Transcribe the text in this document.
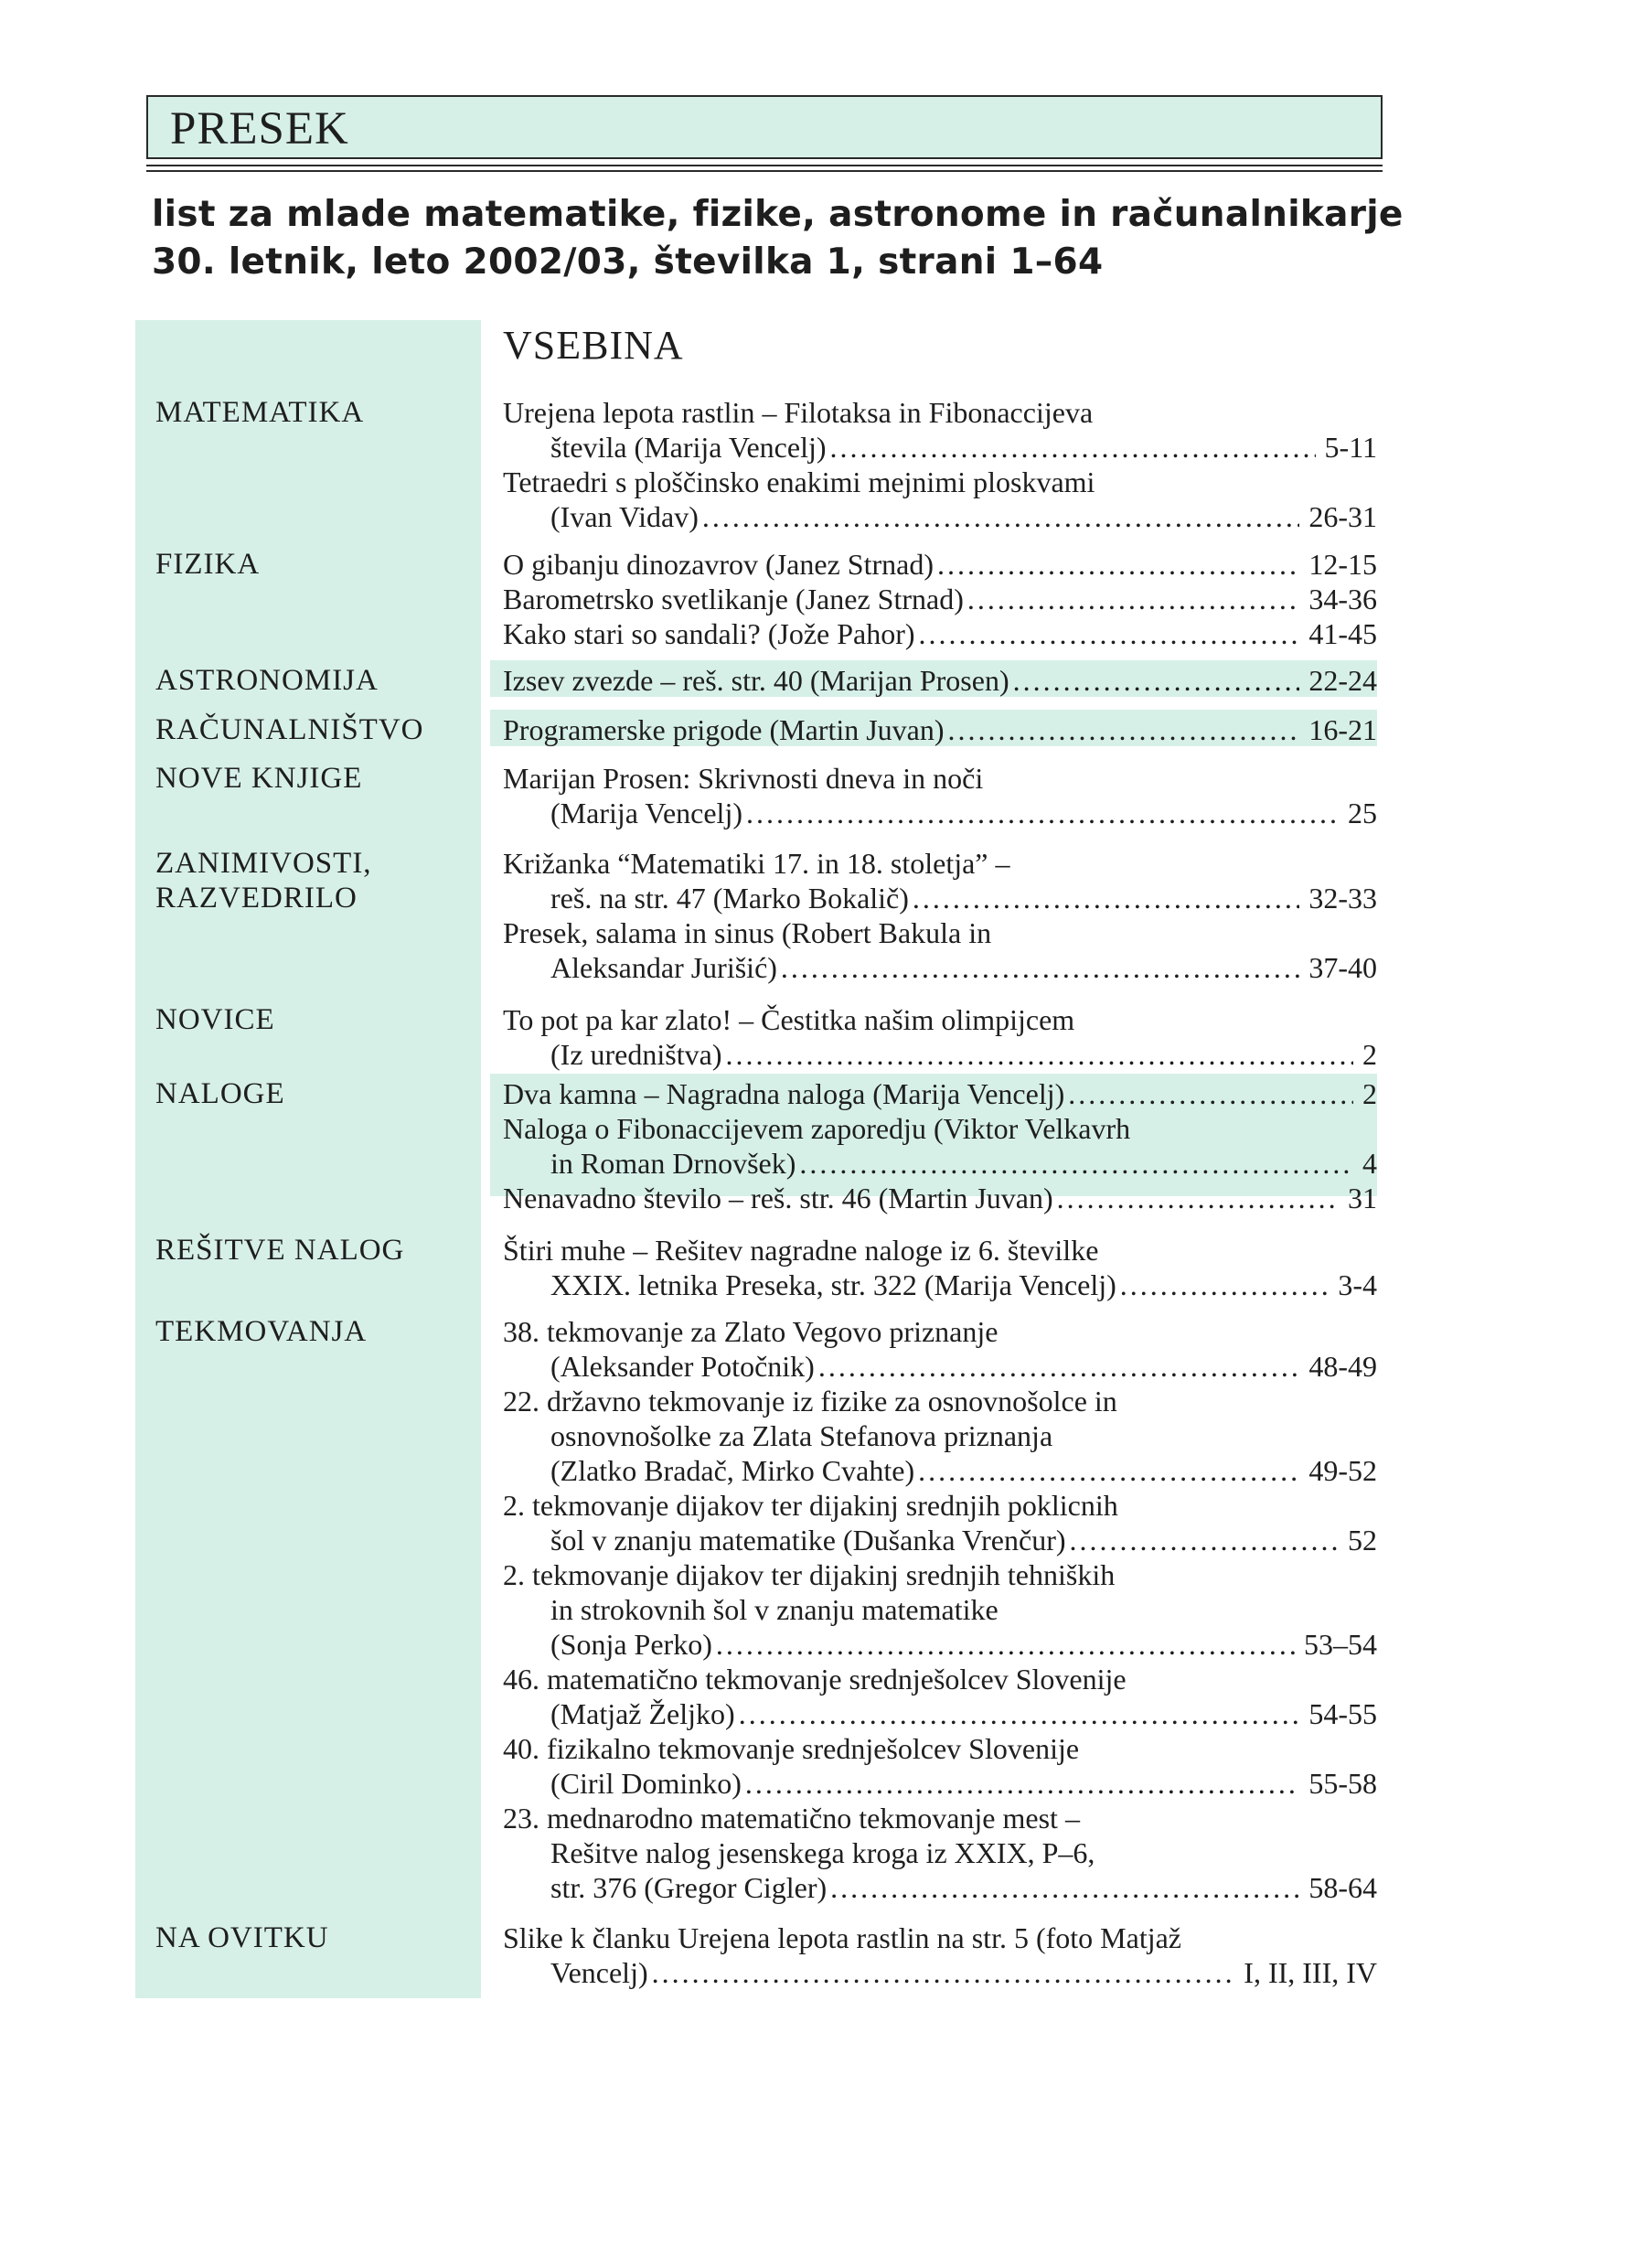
PRESEK
list za mlade matematike, fizike, astronome in računalnikarje
30. letnik, leto 2002/03, številka 1, strani 1–64
VSEBINA
MATEMATIKA	Urejena lepota rastlin – Filotaksa in Fibonaccijeva
števila (Marija Vencelj) .....	5-11
Tetraedri s ploščinsko enakimi mejnimi ploskvami
(Ivan Vidav) .....	26-31
FIZIKA	O gibanju dinozavrov (Janez Strnad) .....	12-15
Barometrsko svetlikanje (Janez Strnad) .....	34-36
Kako stari so sandali? (Jože Pahor) .....	41-45
ASTRONOMIJA	Izsev zvezde – reš. str. 40 (Marijan Prosen) .....	22-24
RAČUNALNIŠTVO	Programerske prigode (Martin Juvan) .....	16-21
NOVE KNJIGE	Marijan Prosen: Skrivnosti dneva in noči
(Marija Vencelj) .....	25
ZANIMIVOSTI,
RAZVEDRILO
Križanka “Matematiki 17. in 18. stoletja” –
reš. na str. 47 (Marko Bokalič) .....	32-33
Presek, salama in sinus (Robert Bakula in
Aleksandar Jurišić) .....	37-40
NOVICE	To pot pa kar zlato! – Čestitka našim olimpijcem
(Iz uredništva) .....	2
NALOGE	Dva kamna – Nagradna naloga (Marija Vencelj) .....	2
Naloga o Fibonaccijevem zaporedju (Viktor Velkavrh
in Roman Drnovšek) .....	4
Nenavadno število – reš. str. 46 (Martin Juvan) .....	31
REŠITVE NALOG	Štiri muhe – Rešitev nagradne naloge iz 6. številke
XXIX. letnika Preseka, str. 322 (Marija Vencelj) .....	3-4
TEKMOVANJA	38. tekmovanje za Zlato Vegovo priznanje
(Aleksander Potočnik) .....	48-49
22. državno tekmovanje iz fizike za osnovnošolce in
osnovnošolke za Zlata Stefanova priznanja
(Zlatko Bradač, Mirko Cvahte) .....	49-52
2. tekmovanje dijakov ter dijakinj srednjih poklicnih
šol v znanju matematike (Dušanka Vrenčur) .....	52
2. tekmovanje dijakov ter dijakinj srednjih tehniških
in strokovnih šol v znanju matematike
(Sonja Perko) .....	53–54
46. matematično tekmovanje srednješolcev Slovenije
(Matjaž Željko) .....	54-55
40. fizikalno tekmovanje srednješolcev Slovenije
(Ciril Dominko) .....	55-58
23. mednarodno matematično tekmovanje mest –
Rešitve nalog jesenskega kroga iz XXIX, P–6,
str. 376 (Gregor Cigler) .....	58-64
NA OVITKU	Slike k članku Urejena lepota rastlin na str. 5 (foto Matjaž
Vencelj) .....	I, II, III, IV
